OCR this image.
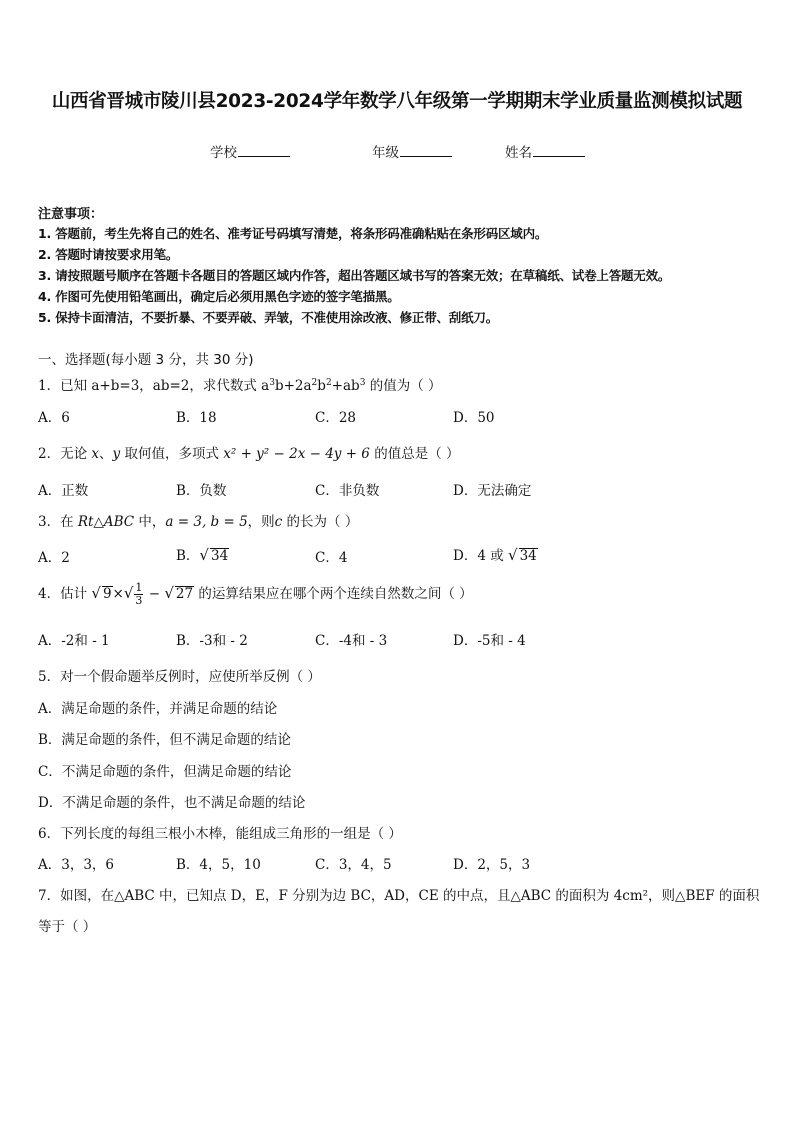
山西省晋城市陵川县2023-2024学年数学八年级第一学期期末学业质量监测模拟试题
学校	年级	姓名
注意事项：
1. 答题前，考生先将自己的姓名、准考证号码填写清楚，将条形码准确粘贴在条形码区域内。
2. 答题时请按要求用笔。
3. 请按照题号顺序在答题卡各题目的答题区域内作答，超出答题区域书写的答案无效；在草稿纸、试卷上答题无效。
4. 作图可先使用铅笔画出，确定后必须用黑色字迹的签字笔描黑。
5. 保持卡面清洁，不要折暴、不要弄破、弄皱，不准使用涂改液、修正带、刮纸刀。
一、选择题(每小题 3 分，共 30 分)
1．已知 a+b=3，ab=2，求代数式 $a^3b+2a^2b^2+ab^3$ 的值为（ ）
A．6	B．18	C．28	D．50
2．无论 x、y 取何值，多项式 x² + y² − 2x − 4y + 6 的值总是（ ）
A．正数	B．负数	C．非负数	D．无法确定
3．在 Rt△ABC 中，a = 3, b = 5，则c 的长为（ ）
A．2	B．√ 34	C．4	D．4 或 √ 34
4．估计 √ $9\times√ \frac{1}{3}$ − √ 27 的运算结果应在哪个两个连续自然数之间（ ）
A．-2和 - 1	B．-3和 - 2	C．-4和 - 3	D．-5和 - 4
5．对一个假命题举反例时，应使所举反例（ ）
A．满足命题的条件，并满足命题的结论
B．满足命题的条件，但不满足命题的结论
C．不满足命题的条件，但满足命题的结论
D．不满足命题的条件，也不满足命题的结论
6．下列长度的每组三根小木棒，能组成三角形的一组是（ ）
A．3，3，6	B．4，5，10	C．3，4，5	D．2，5，3
7．如图，在△ABC 中，已知点 D，E，F 分别为边 BC，AD，CE 的中点，且△ABC 的面积为 4cm²，则△BEF 的面积
等于（ ）
